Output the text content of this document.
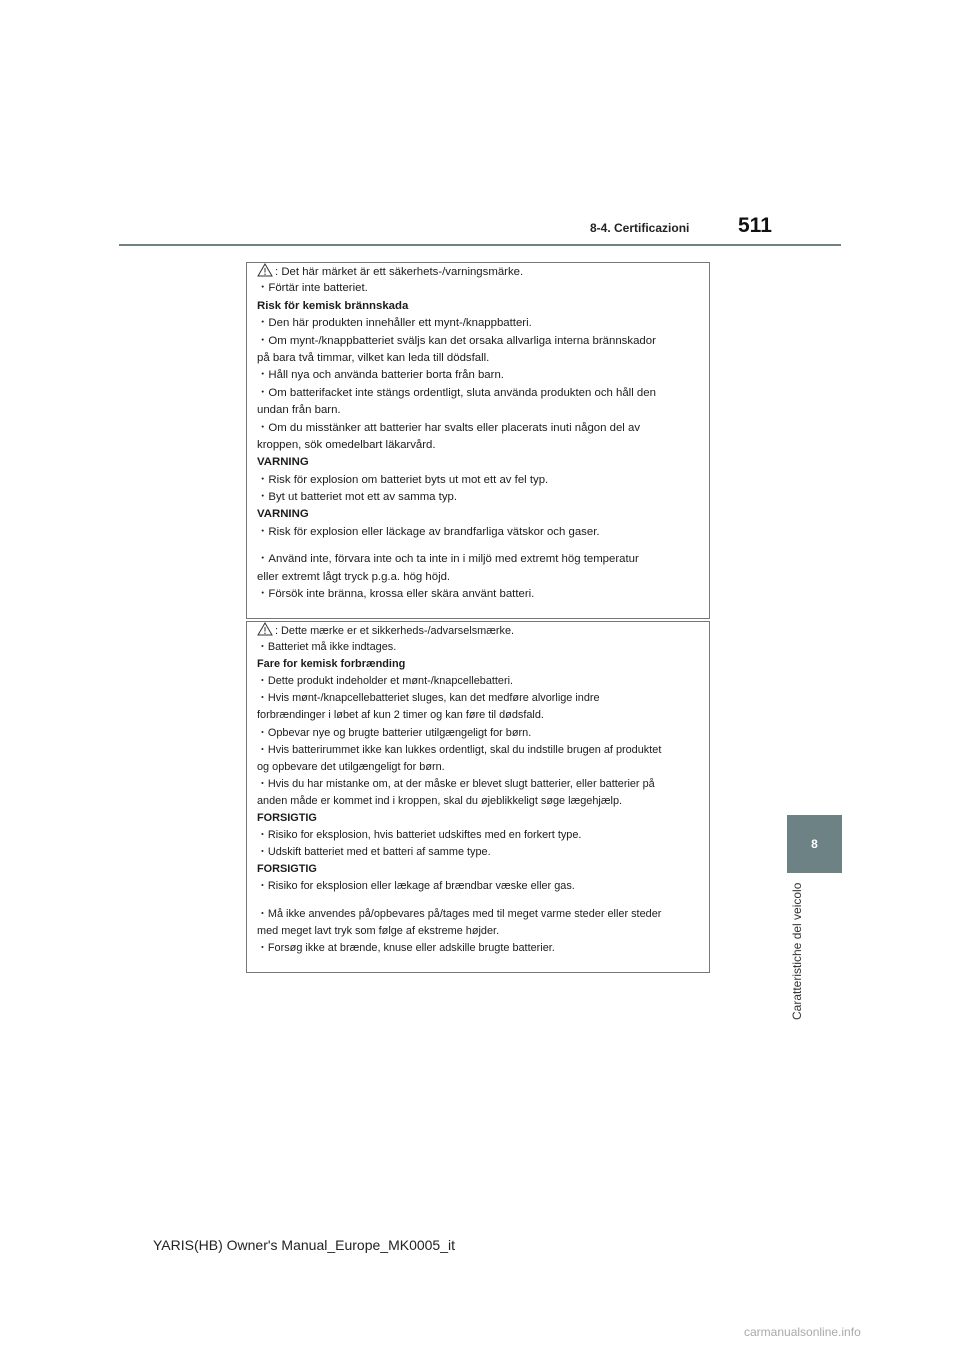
8-4. Certificazioni 511
8
Caratteristiche del veicolo
: Det här märket är ett säkerhets-/varningsmärke.
・Förtär inte batteriet.
Risk för kemisk brännskada
・Den här produkten innehåller ett mynt-/knappbatteri.
・Om mynt-/knappbatteriet sväljs kan det orsaka allvarliga interna brännskador
på bara två timmar, vilket kan leda till dödsfall.
・Håll nya och använda batterier borta från barn.
・Om batterifacket inte stängs ordentligt, sluta använda produkten och håll den
undan från barn.
・Om du misstänker att batterier har svalts eller placerats inuti någon del av
kroppen, sök omedelbart läkarvård.
VARNING
・Risk för explosion om batteriet byts ut mot ett av fel typ.
・Byt ut batteriet mot ett av samma typ.
VARNING
・Risk för explosion eller läckage av brandfarliga vätskor och gaser.
・Använd inte, förvara inte och ta inte in i miljö med extremt hög temperatur
eller extremt lågt tryck p.g.a. hög höjd.
・Försök inte bränna, krossa eller skära använt batteri.
: Dette mærke er et sikkerheds-/advarselsmærke.
・Batteriet må ikke indtages.
Fare for kemisk forbrænding
・Dette produkt indeholder et mønt-/knapcellebatteri.
・Hvis mønt-/knapcellebatteriet sluges, kan det medføre alvorlige indre
forbrændinger i løbet af kun 2 timer og kan føre til dødsfald.
・Opbevar nye og brugte batterier utilgængeligt for børn.
・Hvis batterirummet ikke kan lukkes ordentligt, skal du indstille brugen af produktet
og opbevare det utilgængeligt for børn.
・Hvis du har mistanke om, at der måske er blevet slugt batterier, eller batterier på
anden måde er kommet ind i kroppen, skal du øjeblikkeligt søge lægehjælp.
FORSIGTIG
・Risiko for eksplosion, hvis batteriet udskiftes med en forkert type.
・Udskift batteriet med et batteri af samme type.
FORSIGTIG
・Risiko for eksplosion eller lækage af brændbar væske eller gas.
・Må ikke anvendes på/opbevares på/tages med til meget varme steder eller steder
med meget lavt tryk som følge af ekstreme højder.
・Forsøg ikke at brænde, knuse eller adskille brugte batterier.
YARIS(HB) Owner's Manual_Europe_MK0005_it
carmanualsonline.info
